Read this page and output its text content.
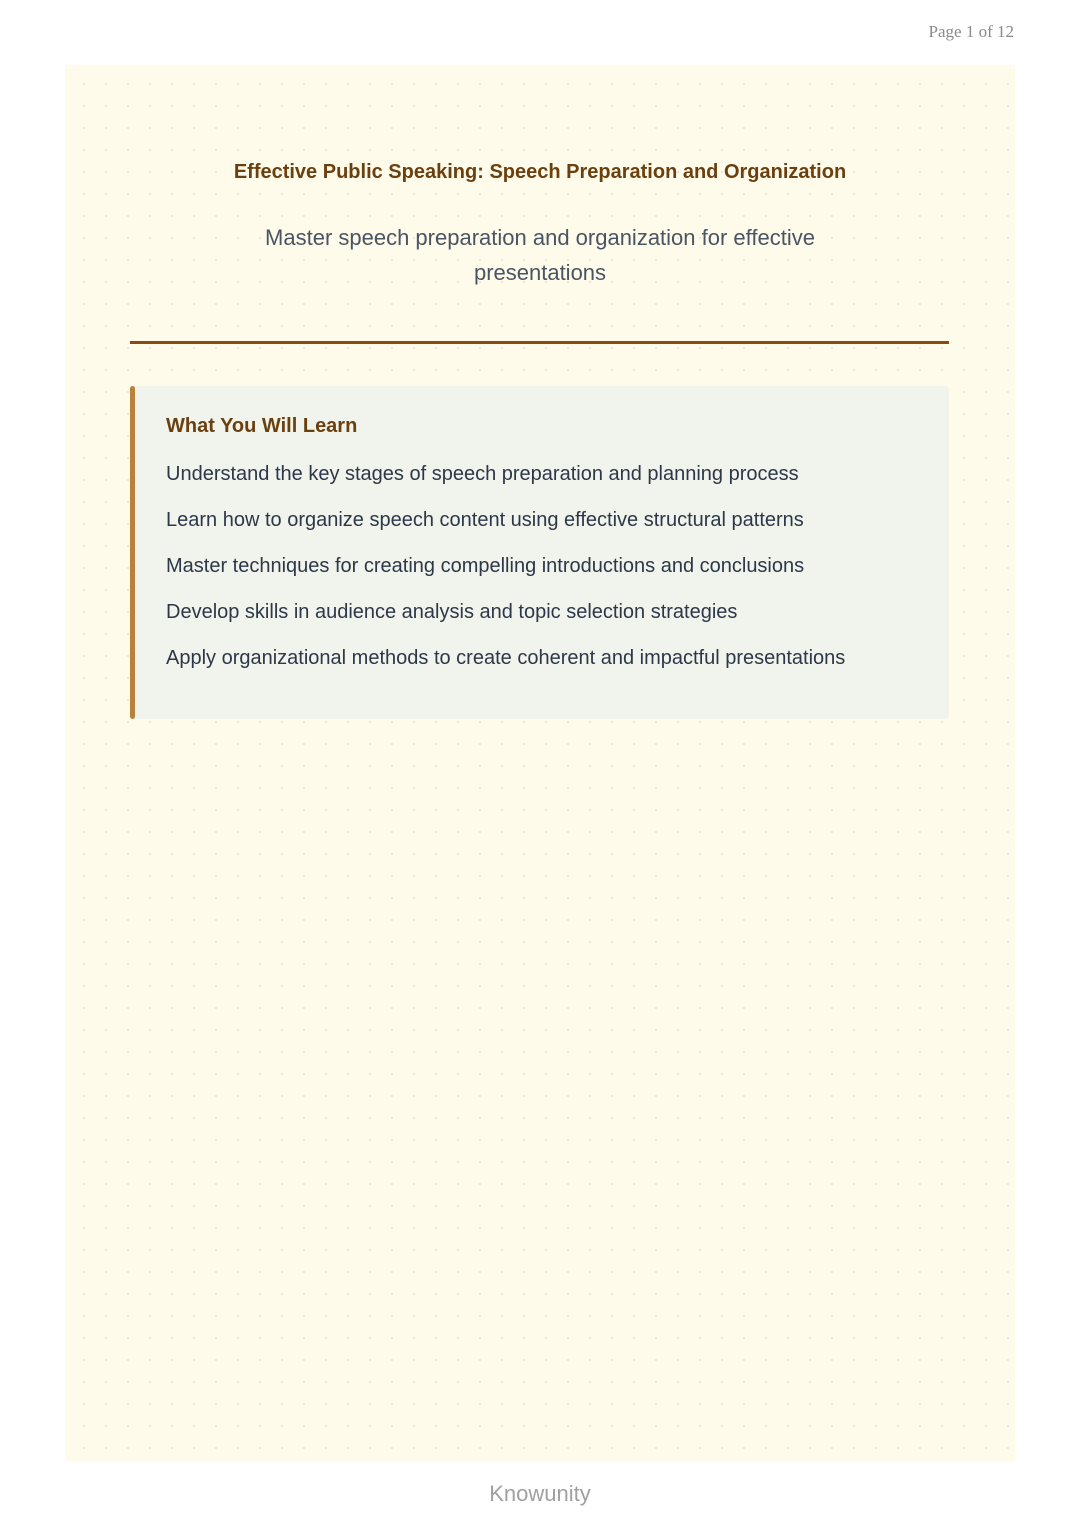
Page 1 of 12
Effective Public Speaking: Speech Preparation and Organization

Master speech preparation and organization for effective presentations

What You Will Learn
Understand the key stages of speech preparation and planning process
Learn how to organize speech content using effective structural patterns
Master techniques for creating compelling introductions and conclusions
Develop skills in audience analysis and topic selection strategies
Apply organizational methods to create coherent and impactful presentations
Knowunity
